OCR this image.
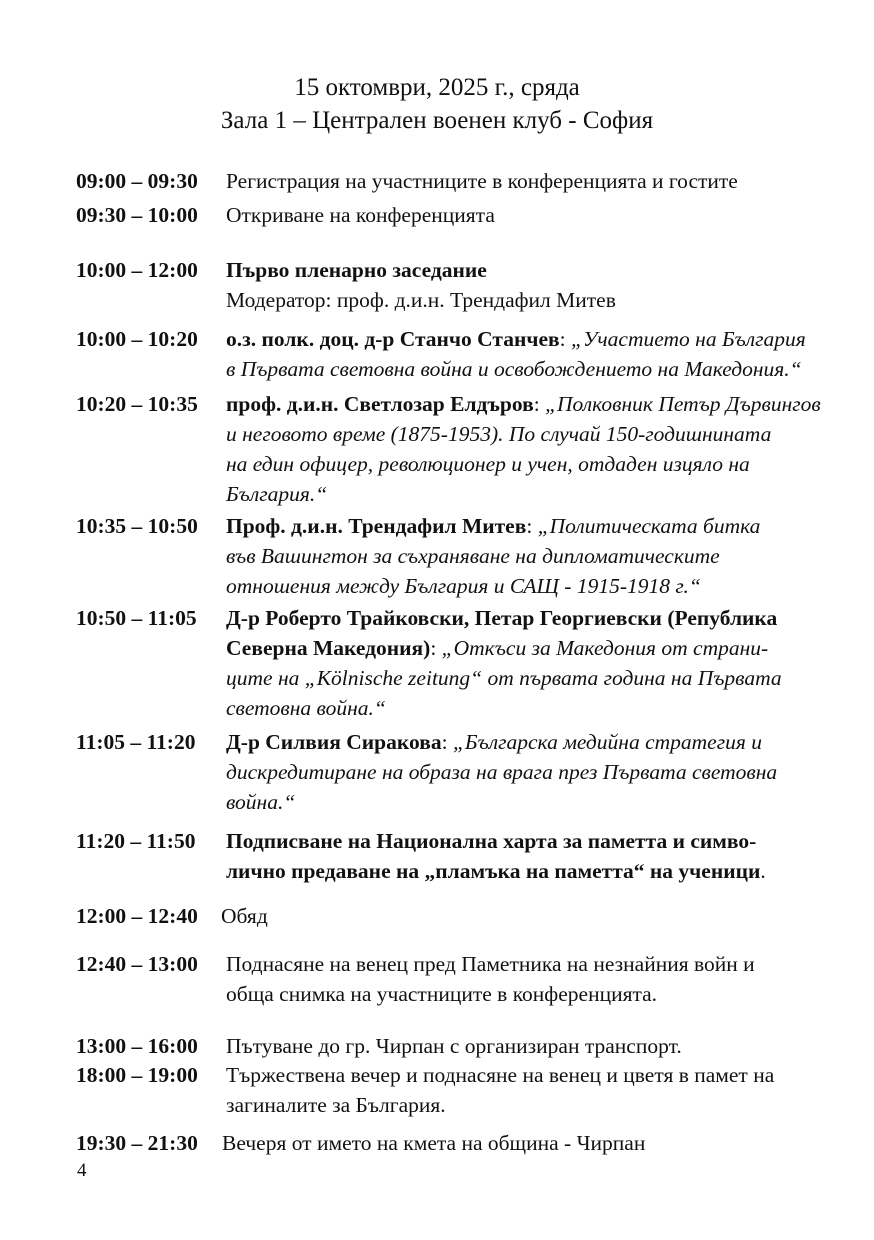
15 октомври, 2025 г., сряда
Зала 1 – Централен военен клуб - София
09:00 – 09:30	Регистрация на участниците в конференцията и гостите
09:30 – 10:00	Откриване на конференцията
10:00 – 12:00	Първо пленарно заседание
Модератор: проф. д.и.н. Трендафил Митев
10:00 – 10:20	о.з. полк. доц. д-р Станчо Станчев: „Участието на България
в Първата световна война и освобождението на Македония.“
10:20 – 10:35	проф. д.и.н. Светлозар Елдъров: „Полковник Петър Дървингов
и неговото време (1875-1953). По случай 150-годишнината
на един офицер, революционер и учен, отдаден изцяло на
България.“
10:35 – 10:50	Проф. д.и.н. Трендафил Митев: „Политическата битка
във Вашингтон за съхраняване на дипломатическите
отношения между България и САЩ - 1915-1918 г.“
10:50 – 11:05	Д-р Роберто Трайковски, Петар Георгиевски (Република
Северна Македония): „Откъси за Македония от страни-
ците на „Kölnische zeitung“ от първата година на Първата
световна война.“
11:05 – 11:20	Д-р Силвия Сиракова: „Българска медийна стратегия и
дискредитиране на образа на врага през Първата световна
война.“
11:20 – 11:50	Подписване на Национална харта за паметта и симво-
лично предаване на „пламъка на паметта“ на ученици.
12:00 – 12:40	Обяд
12:40 – 13:00	Поднасяне на венец пред Паметника на незнайния войн и
обща снимка на участниците в конференцията.
13:00 – 16:00	Пътуване до гр. Чирпан с организиран транспорт.
18:00 – 19:00	Тържествена вечер и поднасяне на венец и цветя в памет на
загиналите за България.
19:30 – 21:30	Вечеря от името на кмета на община - Чирпан
4
